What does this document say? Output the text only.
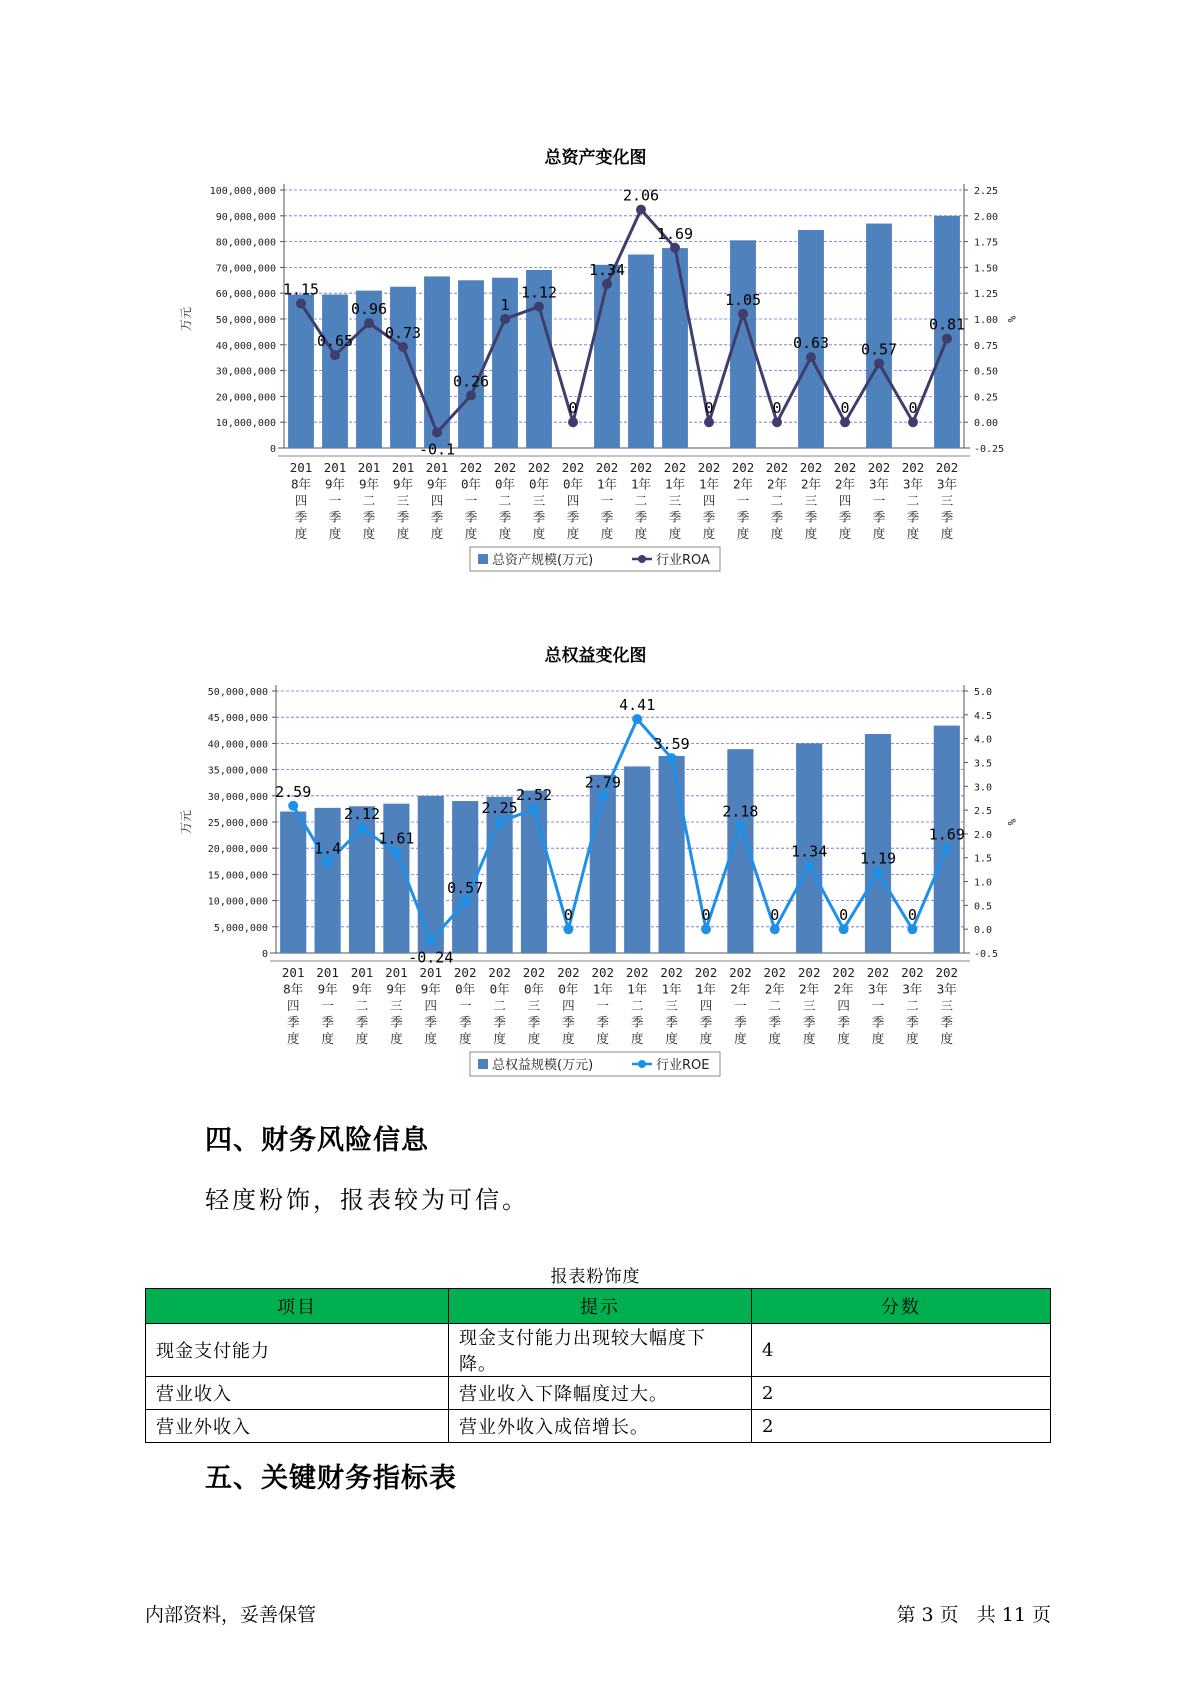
总资产变化图
0
10,000,000
20,000,000
30,000,000
40,000,000
50,000,000
60,000,000
70,000,000
80,000,000
90,000,000
100,000,000
-0.25
0.00
0.25
0.50
0.75
1.00
1.25
1.50
1.75
2.00
2.25
万元	%
201 8年四季度
201 9年一季度
201 9年二季度
201 9年三季度
201 9年四季度
202 0年一季度
202 0年二季度
202 0年三季度
202 0年四季度
202 1年一季度
202 1年二季度
202 1年三季度
202 1年四季度
202 2年一季度
202 2年二季度
202 2年三季度
202 2年四季度
202 3年一季度
202 3年二季度
202 3年三季度
1.15
0.65
0.96
0.73
-0.1
0.26
1
1.12
0
1.34
2.06
1.69
0
1.05
0
0.63
0
0.57
0
0.81
总资产规模(万元)	行业ROA
总权益变化图
0
5,000,000
10,000,000
15,000,000
20,000,000
25,000,000
30,000,000
35,000,000
40,000,000
45,000,000
50,000,000
-0.5
0.0
0.5
1.0
1.5
2.0
2.5
3.0
3.5
4.0
4.5
5.0
万元	%
201 8年四季度
201 9年一季度
201 9年二季度
201 9年三季度
201 9年四季度
202 0年一季度
202 0年二季度
202 0年三季度
202 0年四季度
202 1年一季度
202 1年二季度
202 1年三季度
202 1年四季度
202 2年一季度
202 2年二季度
202 2年三季度
202 2年四季度
202 3年一季度
202 3年二季度
202 3年三季度
2.59
1.4
2.12
1.61
-0.24
0.57
2.25
2.52
0
2.79
4.41
3.59
0
2.18
0
1.34
0
1.19
0
1.69
总权益规模(万元)	行业ROE
四、财务风险信息
轻度粉饰，报表较为可信。
报表粉饰度
项目	提示	分数
现金支付能力	现金支付能力出现较大幅度下降。	4
营业收入	营业收入下降幅度过大。	2
营业外收入	营业外收入成倍增长。	2
五、关键财务指标表
内部资料，妥善保管	第 3 页   共 11 页
